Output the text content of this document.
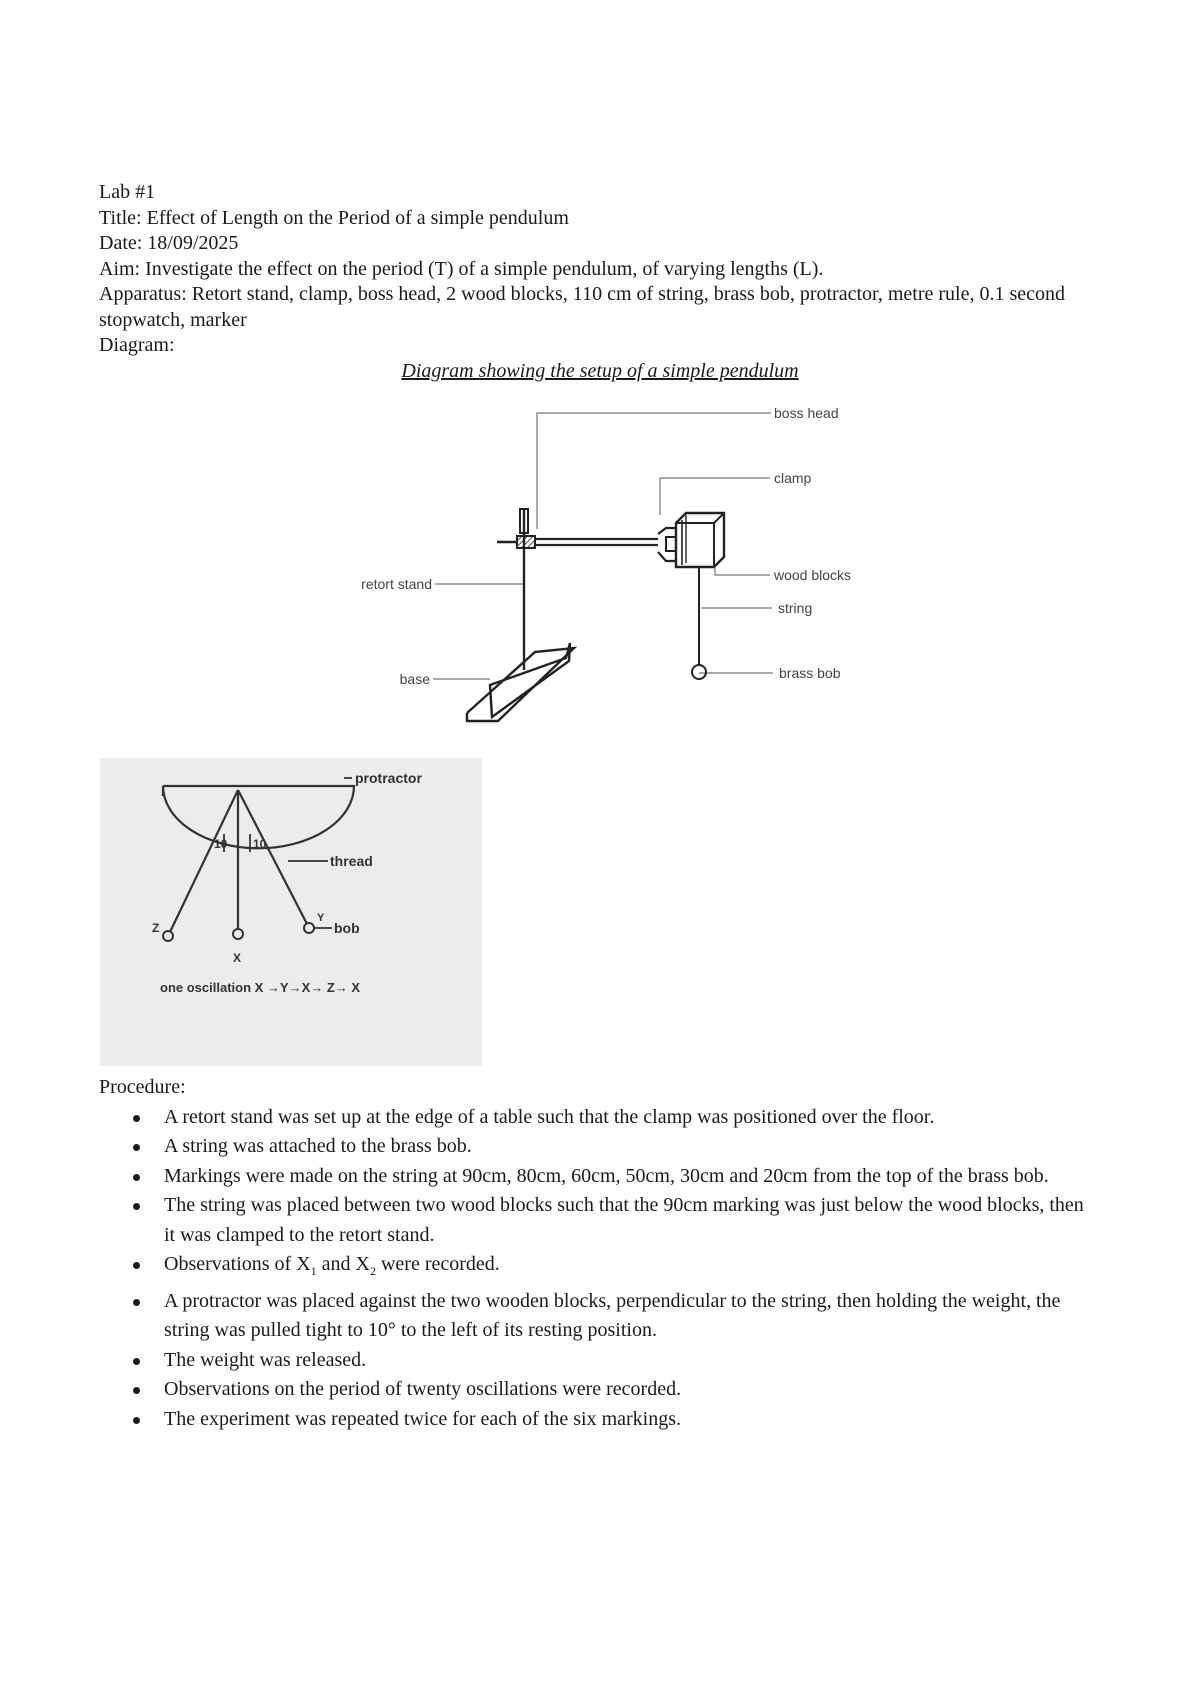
Lab #1
Title: Effect of Length on the Period of a simple pendulum
Date: 18/09/2025
Aim: Investigate the effect on the period (T) of a simple pendulum, of varying lengths (L).
Apparatus: Retort stand, clamp, boss head, 2 wood blocks, 110 cm of string, brass bob, protractor, metre rule, 0.1 second stopwatch, marker
Diagram:
Diagram showing the setup of a simple pendulum
boss head
clamp
wood blocks
string
brass bob
retort stand
base
protractor
thread
bob
10 10
Z
X
Y
one oscillation X →Y→X→ Z→ X
Procedure:
A retort stand was set up at the edge of a table such that the clamp was positioned over the floor.
A string was attached to the brass bob.
Markings were made on the string at 90cm, 80cm, 60cm, 50cm, 30cm and 20cm from the top of the brass bob.
The string was placed between two wood blocks such that the 90cm marking was just below the wood blocks, then it was clamped to the retort stand.
Observations of $X_1$ and $X_2$ were recorded.
A protractor was placed against the two wooden blocks, perpendicular to the string, then holding the weight, the string was pulled tight to 10° to the left of its resting position.
The weight was released.
Observations on the period of twenty oscillations were recorded.
The experiment was repeated twice for each of the six markings.
